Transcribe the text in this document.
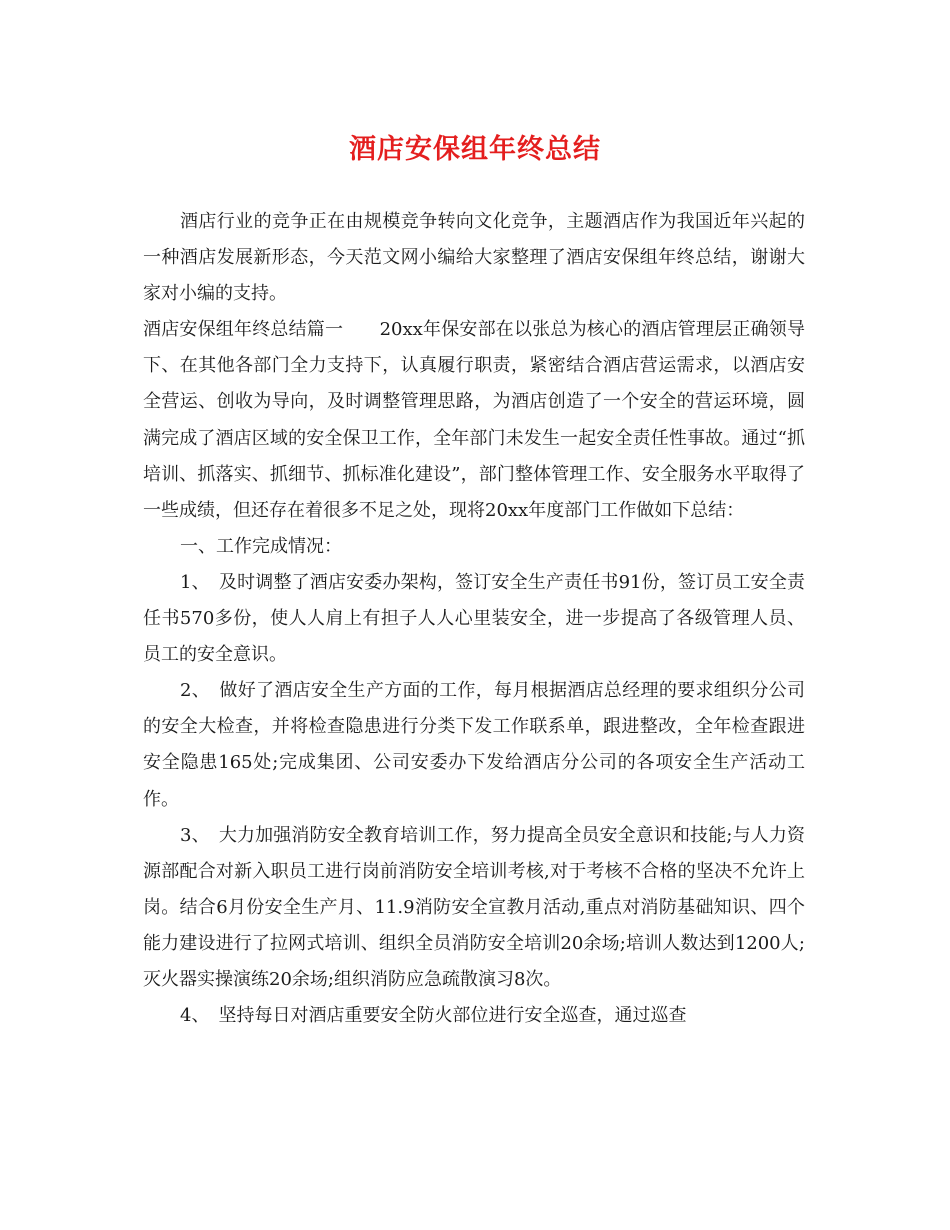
酒店安保组年终总结

酒店行业的竞争正在由规模竞争转向文化竞争，主题酒店作为我国近年兴起的一种酒店发展新形态，今天范文网小编给大家整理了酒店安保组年终总结，谢谢大家对小编的支持。

酒店安保组年终总结篇一　　20xx年保安部在以张总为核心的酒店管理层正确领导下、在其他各部门全力支持下，认真履行职责，紧密结合酒店营运需求，以酒店安全营运、创收为导向，及时调整管理思路，为酒店创造了一个安全的营运环境，圆满完成了酒店区域的安全保卫工作，全年部门未发生一起安全责任性事故。通过“抓培训、抓落实、抓细节、抓标准化建设”，部门整体管理工作、安全服务水平取得了一些成绩，但还存在着很多不足之处，现将20xx年度部门工作做如下总结：

一、工作完成情况：

1、　及时调整了酒店安委办架构，签订安全生产责任书91份，签订员工安全责任书570多份，使人人肩上有担子人人心里装安全，进一步提高了各级管理人员、员工的安全意识。

2、　做好了酒店安全生产方面的工作，每月根据酒店总经理的要求组织分公司的安全大检查，并将检查隐患进行分类下发工作联系单，跟进整改，全年检查跟进安全隐患165处;完成集团、公司安委办下发给酒店分公司的各项安全生产活动工作。

3、　大力加强消防安全教育培训工作，努力提高全员安全意识和技能;与人力资源部配合对新入职员工进行岗前消防安全培训考核,对于考核不合格的坚决不允许上岗。结合6月份安全生产月、11.9消防安全宣教月活动,重点对消防基础知识、四个能力建设进行了拉网式培训、组织全员消防安全培训20余场;培训人数达到1200人;灭火器实操演练20余场;组织消防应急疏散演习8次。

4、　坚持每日对酒店重要安全防火部位进行安全巡查，通过巡查
